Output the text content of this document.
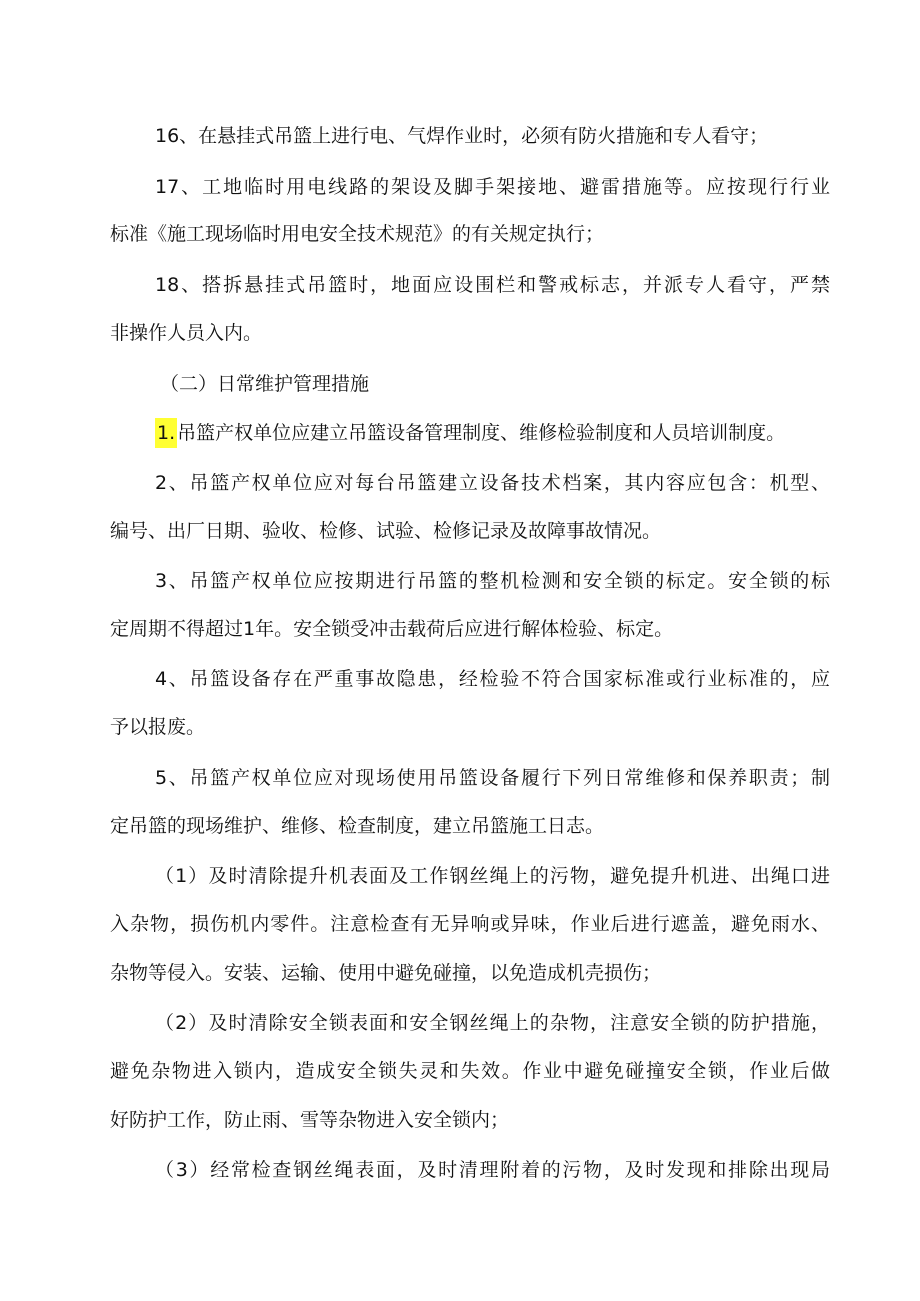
16、在悬挂式吊篮上进行电、气焊作业时，必须有防火措施和专人看守；
17、工地临时用电线路的架设及脚手架接地、避雷措施等。应按现行行业
标准《施工现场临时用电安全技术规范》的有关规定执行；
18、搭拆悬挂式吊篮时，地面应设围栏和警戒标志，并派专人看守，严禁
非操作人员入内。
（二）日常维护管理措施
1. 吊篮产权单位应建立吊篮设备管理制度、维修检验制度和人员培训制度。
2、吊篮产权单位应对每台吊篮建立设备技术档案，其内容应包含：机型、
编号、出厂日期、验收、检修、试验、检修记录及故障事故情况。
3、吊篮产权单位应按期进行吊篮的整机检测和安全锁的标定。安全锁的标
定周期不得超过1年。安全锁受冲击载荷后应进行解体检验、标定。
4、吊篮设备存在严重事故隐患，经检验不符合国家标准或行业标准的，应
予以报废。
5、吊篮产权单位应对现场使用吊篮设备履行下列日常维修和保养职责；制
定吊篮的现场维护、维修、检查制度，建立吊篮施工日志。
（1）及时清除提升机表面及工作钢丝绳上的污物，避免提升机进、出绳口进
入杂物，损伤机内零件。注意检查有无异响或异味，作业后进行遮盖，避免雨水、
杂物等侵入。安装、运输、使用中避免碰撞，以免造成机壳损伤；
（2）及时清除安全锁表面和安全钢丝绳上的杂物，注意安全锁的防护措施，
避免杂物进入锁内，造成安全锁失灵和失效。作业中避免碰撞安全锁，作业后做
好防护工作，防止雨、雪等杂物进入安全锁内；
（3）经常检查钢丝绳表面，及时清理附着的污物，及时发现和排除出现局
